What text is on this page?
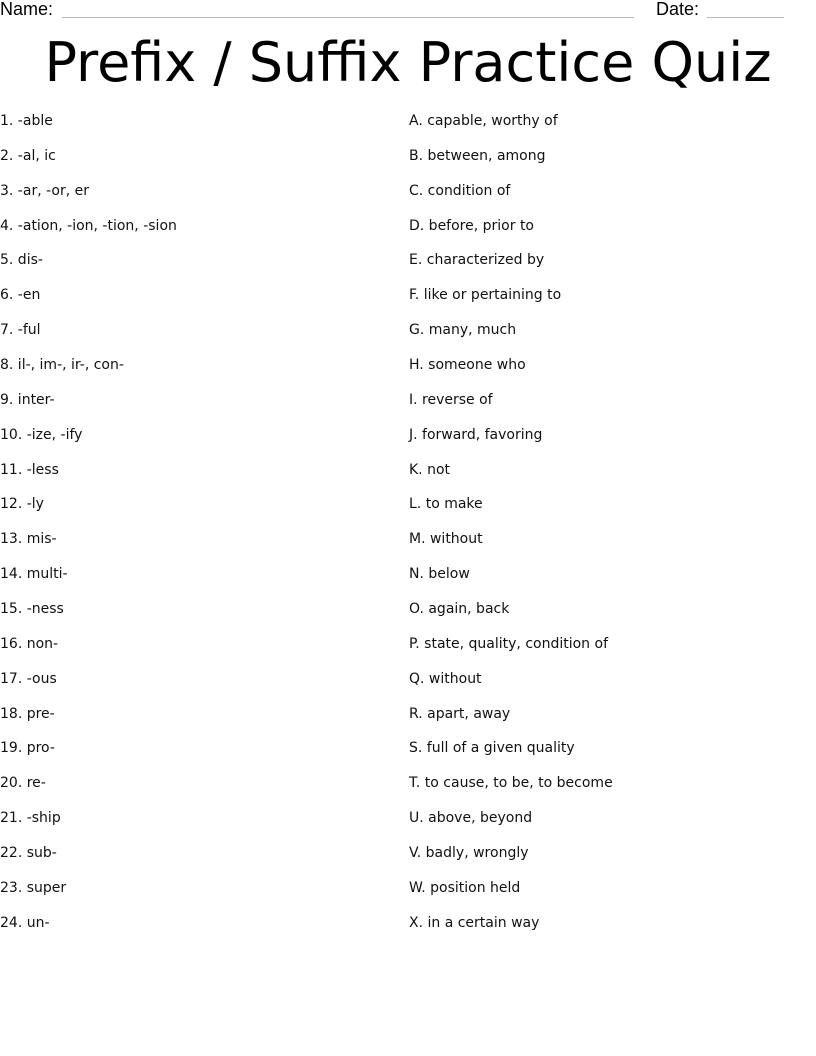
Name:	Date:
Prefix / Suffix Practice Quiz
1. -able
2. -al, ic
3. -ar, -or, er
4. -ation, -ion, -tion, -sion
5. dis-
6. -en
7. -ful
8. il-, im-, ir-, con-
9. inter-
10. -ize, -ify
11. -less
12. -ly
13. mis-
14. multi-
15. -ness
16. non-
17. -ous
18. pre-
19. pro-
20. re-
21. -ship
22. sub-
23. super
24. un-
A. capable, worthy of
B. between, among
C. condition of
D. before, prior to
E. characterized by
F. like or pertaining to
G. many, much
H. someone who
I. reverse of
J. forward, favoring
K. not
L. to make
M. without
N. below
O. again, back
P. state, quality, condition of
Q. without
R. apart, away
S. full of a given quality
T. to cause, to be, to become
U. above, beyond
V. badly, wrongly
W. position held
X. in a certain way
